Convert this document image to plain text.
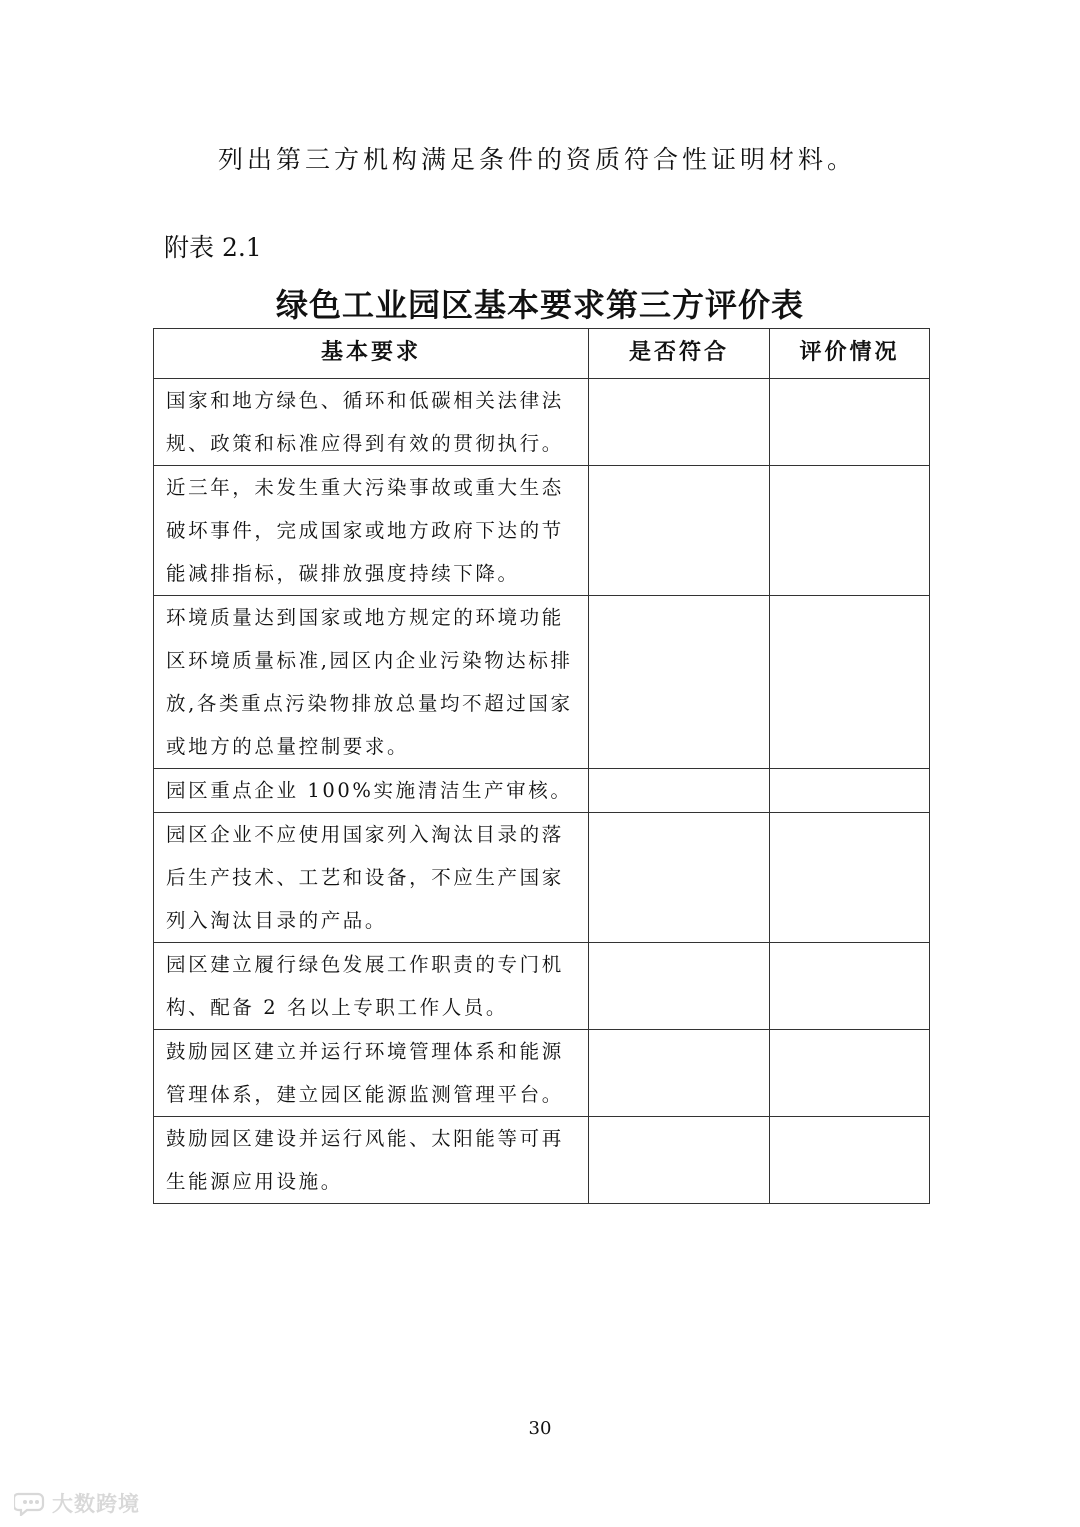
列出第三方机构满足条件的资质符合性证明材料。
附表 2.1
绿色工业园区基本要求第三方评价表
基本要求	是否符合	评价情况
国家和地方绿色、循环和低碳相关法律法规、政策和标准应得到有效的贯彻执行。		
近三年，未发生重大污染事故或重大生态破坏事件，完成国家或地方政府下达的节能减排指标，碳排放强度持续下降。		
环境质量达到国家或地方规定的环境功能区环境质量标准,园区内企业污染物达标排放,各类重点污染物排放总量均不超过国家或地方的总量控制要求。		
园区重点企业 100%实施清洁生产审核。		
园区企业不应使用国家列入淘汰目录的落后生产技术、工艺和设备，不应生产国家列入淘汰目录的产品。		
园区建立履行绿色发展工作职责的专门机构、配备 2 名以上专职工作人员。		
鼓励园区建立并运行环境管理体系和能源管理体系，建立园区能源监测管理平台。		
鼓励园区建设并运行风能、太阳能等可再生能源应用设施。		
30
大数跨境
